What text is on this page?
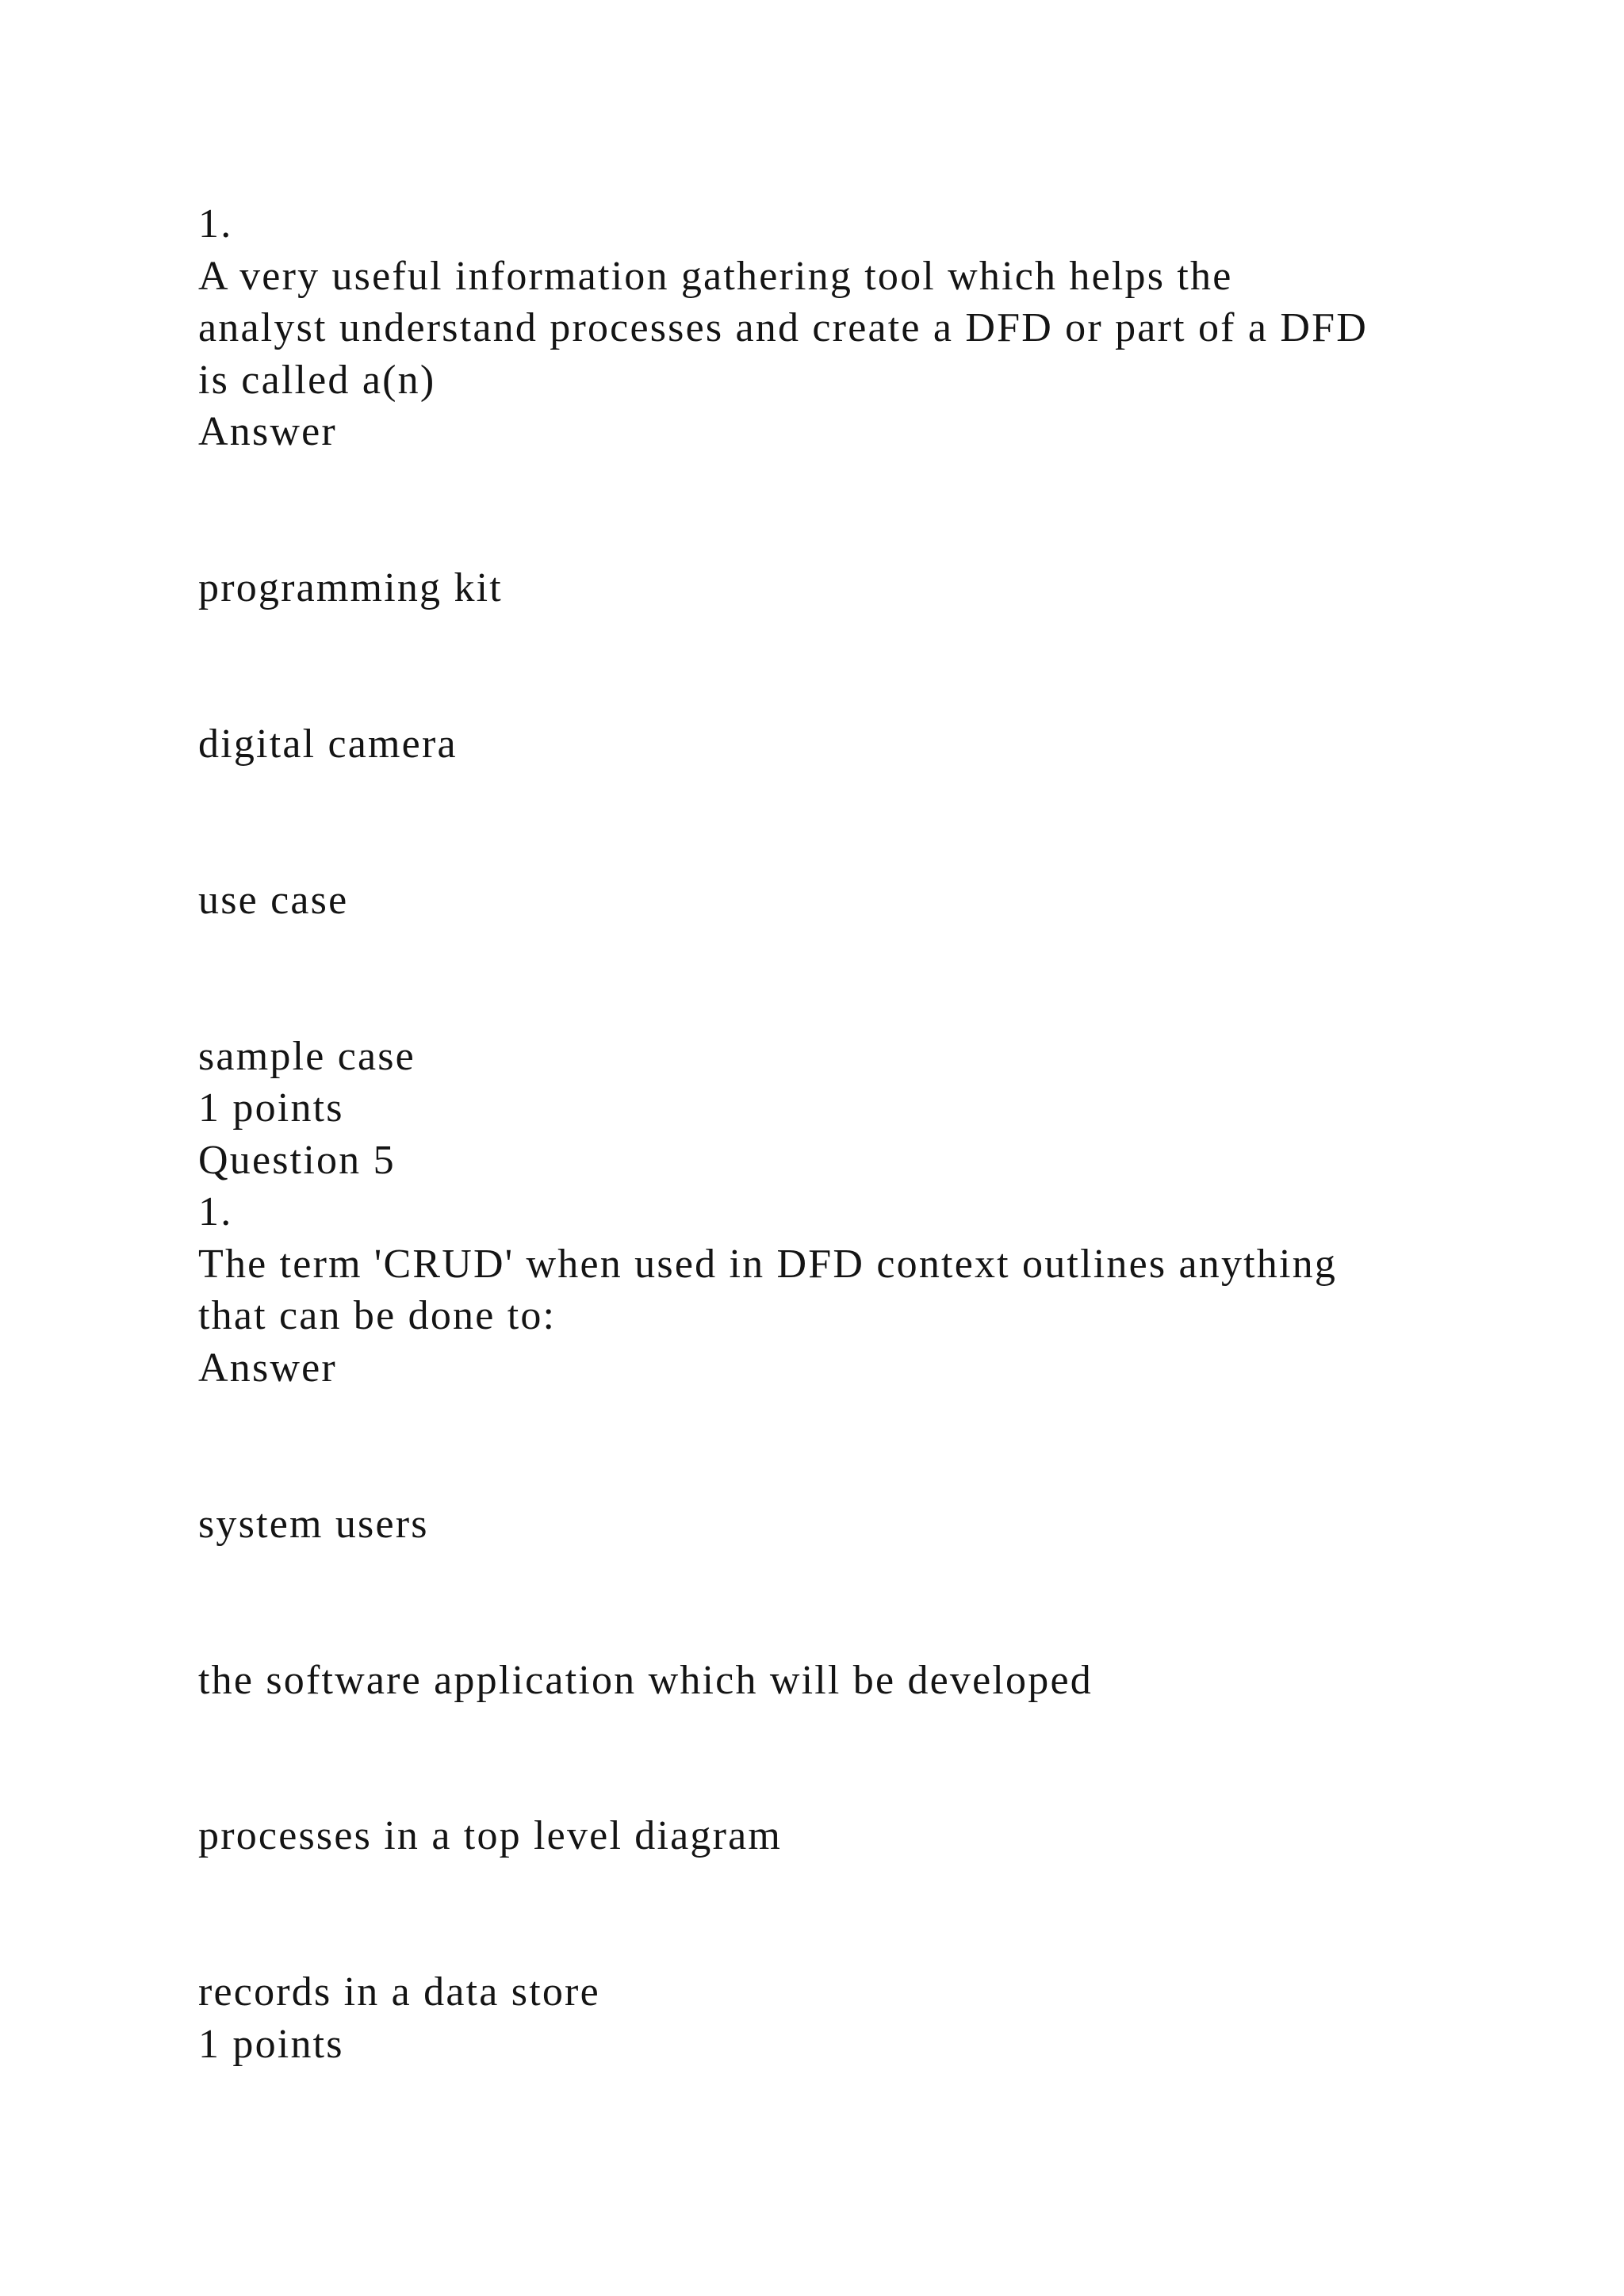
1.
A very useful information gathering tool which helps the
analyst understand processes and create a DFD or part of a DFD
is called a(n)
Answer
programming kit
digital camera
use case
sample case
1 points
Question 5
1.
The term 'CRUD' when used in DFD context outlines anything
that can be done to:
Answer
system users
the software application which will be developed
processes in a top level diagram
records in a data store
1 points
